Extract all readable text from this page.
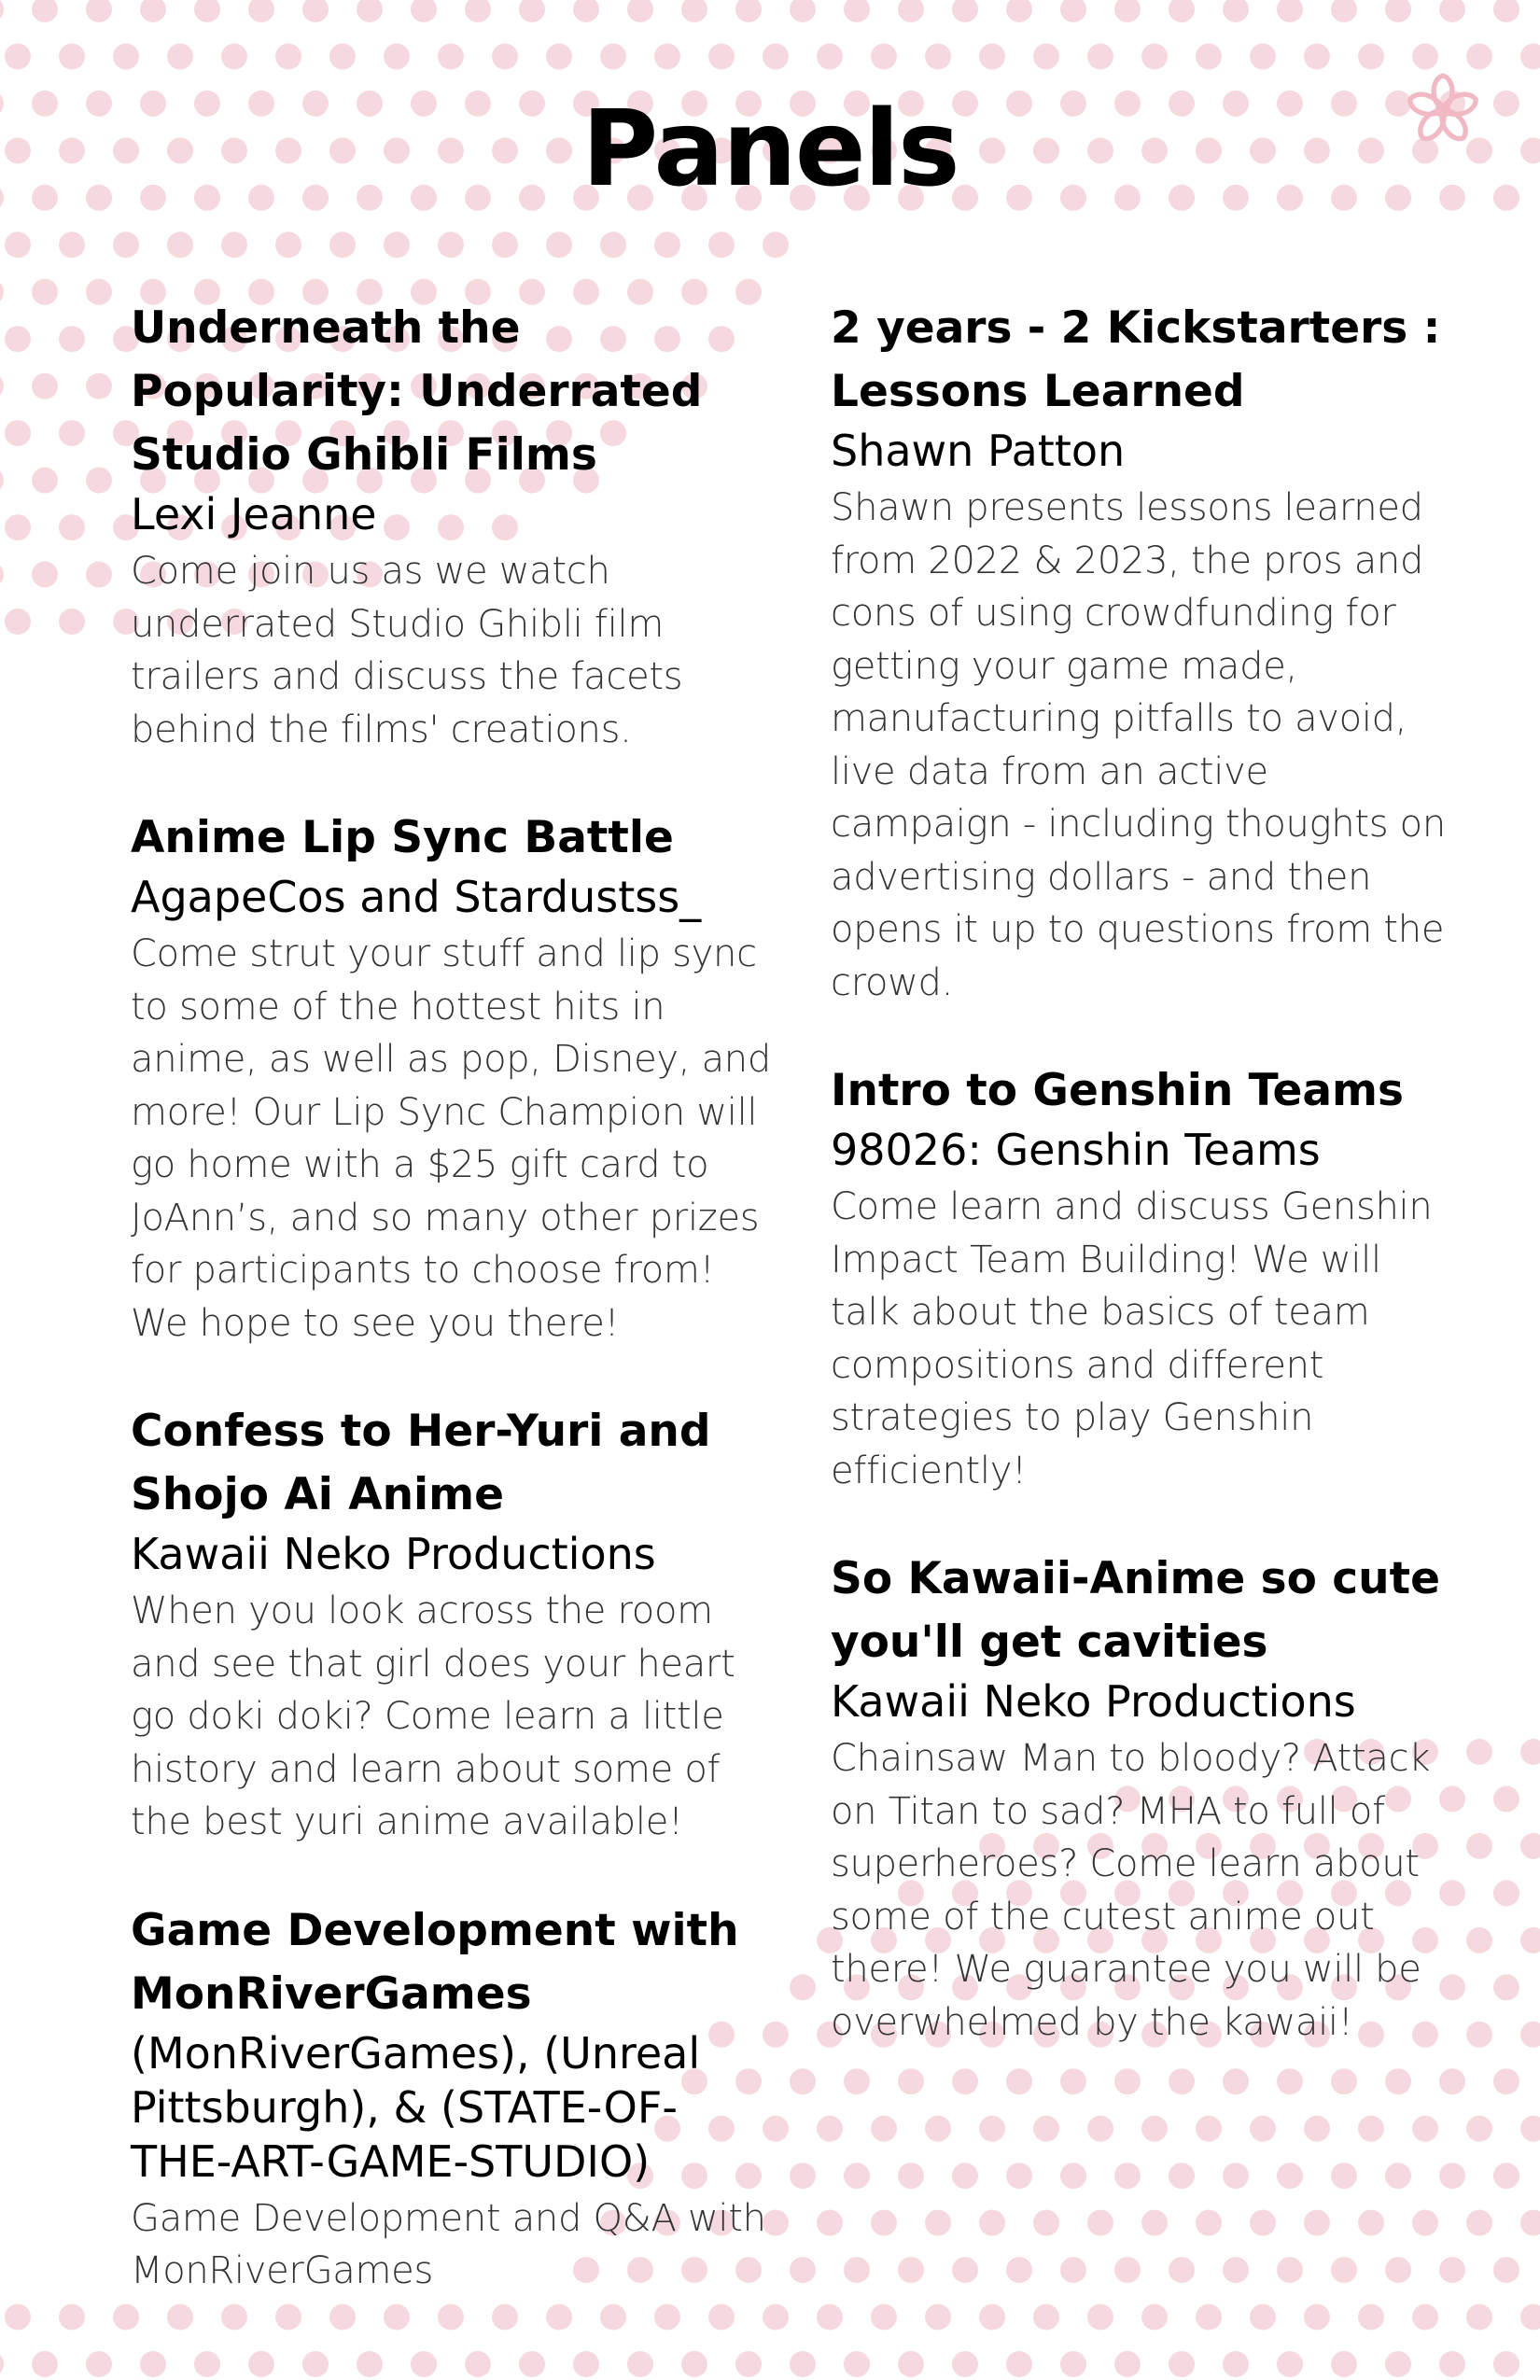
Panels

Underneath the Popularity: Underrated Studio Ghibli Films

Lexi Jeanne

Come join us as we watch underrated Studio Ghibli film trailers and discuss the facets behind the films' creations.

Anime Lip Sync Battle

AgapeCos and Stardustss_

Come strut your stuff and lip sync to some of the hottest hits in anime, as well as pop, Disney, and more! Our Lip Sync Champion will go home with a $25 gift card to JoAnn’s, and so many other prizes for participants to choose from! We hope to see you there!

Confess to Her-Yuri and Shojo Ai Anime

Kawaii Neko Productions

When you look across the room and see that girl does your heart go doki doki? Come learn a little history and learn about some of the best yuri anime available!

Game Development with MonRiverGames

(MonRiverGames), (Unreal Pittsburgh), & (STATE-OF-THE-ART-GAME-STUDIO)

Game Development and Q&A with MonRiverGames

2 years - 2 Kickstarters : Lessons Learned

Shawn Patton

Shawn presents lessons learned from 2022 & 2023, the pros and cons of using crowdfunding for getting your game made, manufacturing pitfalls to avoid, live data from an active campaign - including thoughts on advertising dollars - and then opens it up to questions from the crowd.

Intro to Genshin Teams

98026: Genshin Teams

Come learn and discuss Genshin Impact Team Building! We will talk about the basics of team compositions and different strategies to play Genshin efficiently!

So Kawaii-Anime so cute you'll get cavities

Kawaii Neko Productions

Chainsaw Man to bloody? Attack on Titan to sad? MHA to full of superheroes? Come learn about some of the cutest anime out there! We guarantee you will be overwhelmed by the kawaii!
